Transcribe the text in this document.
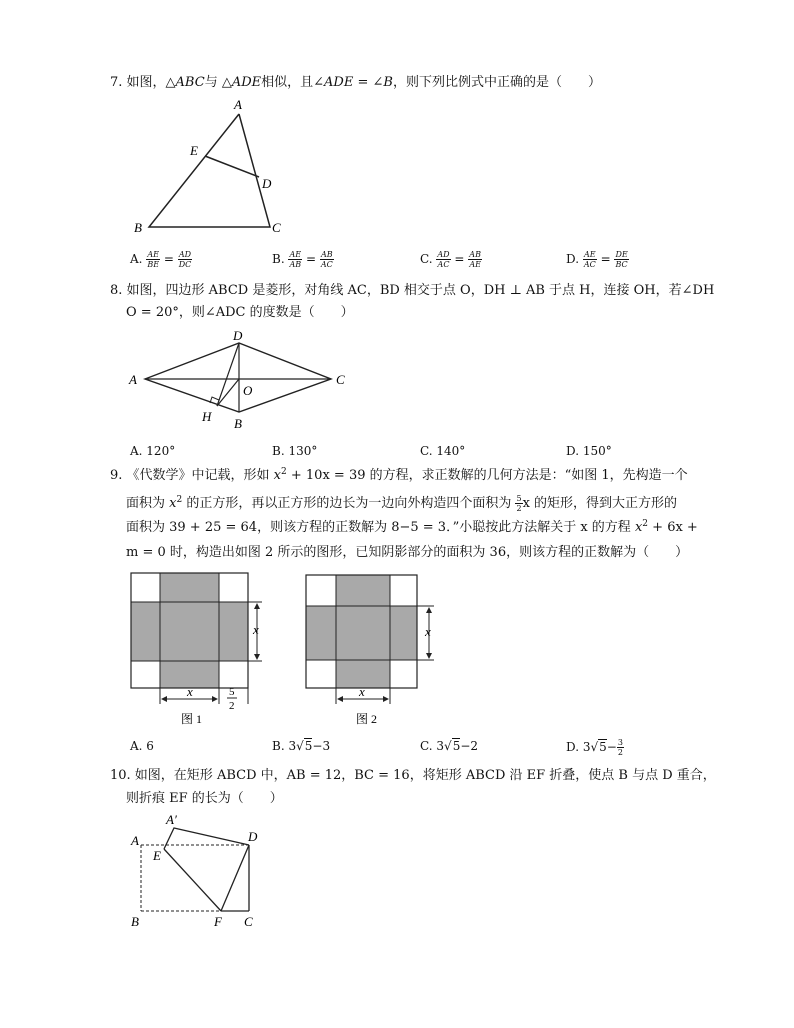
7. 如图，△ABC与 △ADE相似，且∠ADE = ∠B，则下列比例式中正确的是（　　）
A
E
D
B	C
A. $\frac{AE}{BE} = \frac{AD}{DC}$	B. $\frac{AE}{AB} = \frac{AB}{AC}$	C. $\frac{AD}{AC} = \frac{AB}{AE}$	D. $\frac{AE}{AC} = \frac{DE}{BC}$
8. 如图，四边形 ABCD 是菱形，对角线 AC，BD 相交于点 O，DH ⊥ AB 于点 H，连接 OH，若∠DH
O = 20°，则∠ADC 的度数是（　　）
A
D
C
O
H B
A. 120°	B. 130°	C. 140°	D. 150°
9. 《代数学》中记载，形如 $x^2 + 10x = 39$ 的方程，求正数解的几何方法是：“如图 1，先构造一个
面积为 $x^2$ 的正方形，再以正方形的边长为一边向外构造四个面积为 $\frac{5}{2}$ x 的矩形，得到大正方形的
面积为 39 + 25 = 64，则该方程的正数解为 8−5 = 3．”小聪按此方法解关于 x 的方程 $x^2 + 6x$ +
m = 0 时，构造出如图 2 所示的图形，已知阴影部分的面积为 36，则该方程的正数解为（　　）
x
x	5
2
图 1
x
x
图 2
A. 6	B. 3√5−3	C. 3√5−2	D. $3√5- \frac{3}{2}$
10. 如图，在矩形 ABCD 中，AB = 12，BC = 16，将矩形 ABCD 沿 EF 折叠，使点 B 与点 D 重合，
则折痕 EF 的长为（　　）
A′
A
E
D
B	F C
